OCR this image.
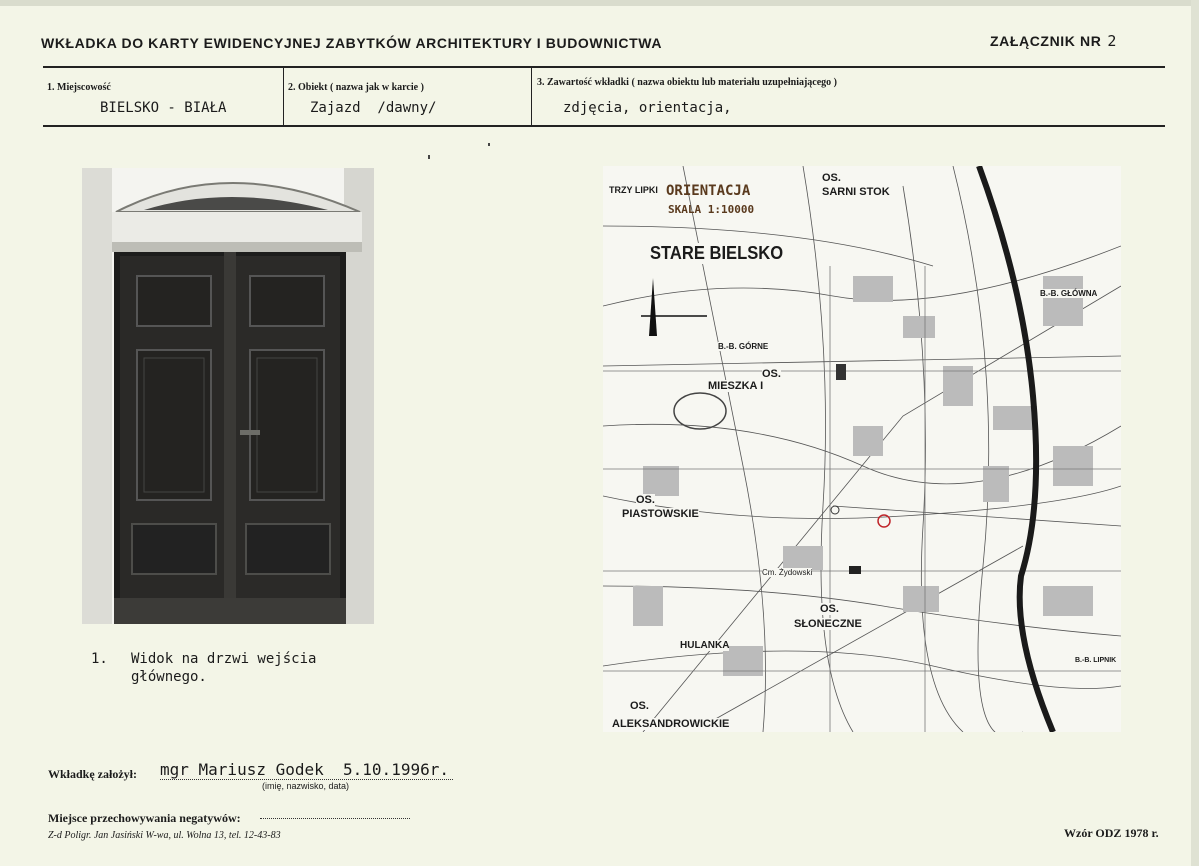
WKŁADKA DO KARTY EWIDENCYJNEJ ZABYTKÓW ARCHITEKTURY I BUDOWNICTWA	ZAŁĄCZNIK NR 2
1. Miejscowość
BIELSKO - BIAŁA
2. Obiekt ( nazwa jak w karcie )
Zajazd  /dawny/
3. Zawartość wkładki ( nazwa obiektu lub materiału uzupełniającego )
zdjęcia, orientacja,
1. Widok na drzwi wejścia
głównego.
ORIENTACJA
SKALA 1:10000
TRZY LIPKI
OS.
SARNI STOK
STARE BIELSKO
OS.
MIESZKA I
OS.
PIASTOWSKIE
OS.
SŁONECZNE
HULANKA
OS.
ALEKSANDROWICKIE
B.-B. GŁÓWNA
B.-B. GÓRNE
B.-B. LIPNIK
Cm. Żydowski
Wkładkę założył: mgr Mariusz Godek  5.10.1996r.
(imię, nazwisko, data)
Miejsce przechowywania negatywów:
Z-d Poligr. Jan Jasiński W-wa, ul. Wolna 13, tel. 12-43-83	Wzór ODZ 1978 r.
